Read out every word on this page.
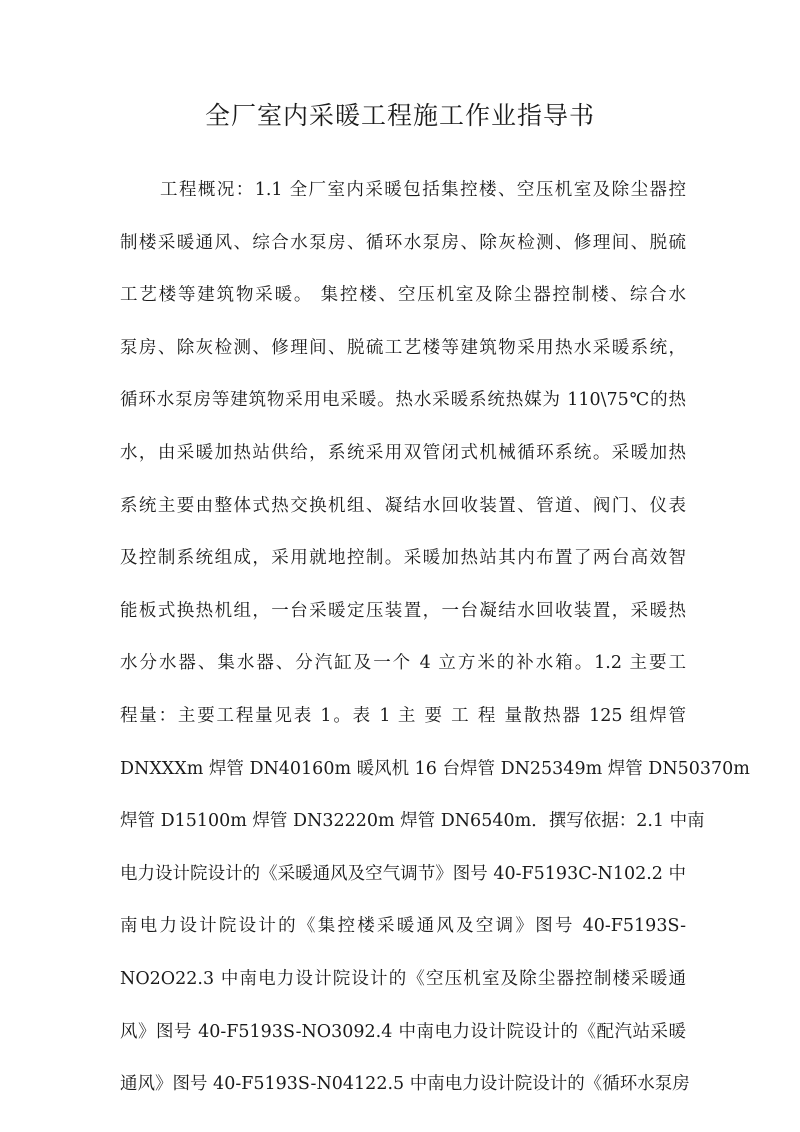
全厂室内采暖工程施工作业指导书
工程概况：1.1 全厂室内采暖包括集控楼、空压机室及除尘器控
制楼采暖通风、综合水泵房、循环水泵房、除灰检测、修理间、脱硫
工艺楼等建筑物采暖。 集控楼、空压机室及除尘器控制楼、综合水
泵房、除灰检测、修理间、脱硫工艺楼等建筑物采用热水采暖系统，
循环水泵房等建筑物采用电采暖。热水采暖系统热媒为 110\75℃的热
水，由采暖加热站供给，系统采用双管闭式机械循环系统。采暖加热
系统主要由整体式热交换机组、凝结水回收装置、管道、阀门、仪表
及控制系统组成，采用就地控制。采暖加热站其内布置了两台高效智
能板式换热机组，一台采暖定压装置，一台凝结水回收装置，采暖热
水分水器、集水器、分汽缸及一个 4 立方米的补水箱。1.2 主要工
程量：主要工程量见表 1。表 1 主 要 工 程 量散热器 125 组焊管
DNXXXm 焊管 DN40160m 暖风机 16 台焊管 DN25349m 焊管 DN50370m
焊管 D15100m 焊管 DN32220m 焊管 DN6540m．撰写依据：2.1 中南
电力设计院设计的《采暖通风及空气调节》图号 40-F5193C-N102.2 中
南电力设计院设计的《集控楼采暖通风及空调》图号 40-F5193S-
NO2O22.3 中南电力设计院设计的《空压机室及除尘器控制楼采暖通
风》图号 40-F5193S-NO3092.4 中南电力设计院设计的《配汽站采暖
通风》图号 40-F5193S-N04122.5 中南电力设计院设计的《循环水泵房
